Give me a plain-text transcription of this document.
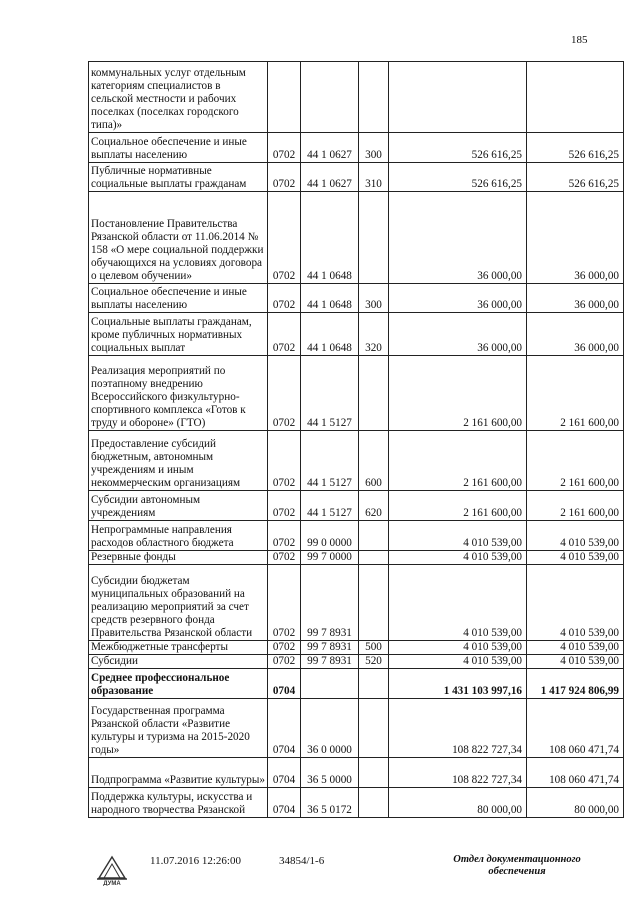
185
коммунальных услуг отдельным категориям специалистов в сельской местности и рабочих поселках (поселках городского типа)»					
Социальное обеспечение и иные выплаты населению	0702	44 1 0627	300	526 616,25	526 616,25
Публичные нормативные социальные выплаты гражданам	0702	44 1 0627	310	526 616,25	526 616,25
Постановление Правительства Рязанской области от 11.06.2014 № 158 «О мере социальной поддержки обучающихся на условиях договора о целевом обучении»	0702	44 1 0648		36 000,00	36 000,00
Социальное обеспечение и иные выплаты населению	0702	44 1 0648	300	36 000,00	36 000,00
Социальные выплаты гражданам, кроме публичных нормативных социальных выплат	0702	44 1 0648	320	36 000,00	36 000,00
Реализация мероприятий по поэтапному внедрению Всероссийского физкультурно-спортивного комплекса «Готов к труду и обороне» (ГТО)	0702	44 1 5127		2 161 600,00	2 161 600,00
Предоставление субсидий бюджетным, автономным учреждениям и иным некоммерческим организациям	0702	44 1 5127	600	2 161 600,00	2 161 600,00
Субсидии автономным учреждениям	0702	44 1 5127	620	2 161 600,00	2 161 600,00
Непрограммные направления расходов областного бюджета	0702	99 0 0000		4 010 539,00	4 010 539,00
Резервные фонды	0702	99 7 0000		4 010 539,00	4 010 539,00
Субсидии бюджетам муниципальных образований на реализацию мероприятий за счет средств резервного фонда Правительства Рязанской области	0702	99 7 8931		4 010 539,00	4 010 539,00
Межбюджетные трансферты	0702	99 7 8931	500	4 010 539,00	4 010 539,00
Субсидии	0702	99 7 8931	520	4 010 539,00	4 010 539,00
Среднее профессиональное образование	0704			1 431 103 997,16	1 417 924 806,99
Государственная программа Рязанской области «Развитие культуры и туризма на 2015-2020 годы»	0704	36 0 0000		108 822 727,34	108 060 471,74
Подпрограмма «Развитие культуры»	0704	36 5 0000		108 822 727,34	108 060 471,74
Поддержка культуры, искусства и народного творчества Рязанской	0704	36 5 0172		80 000,00	80 000,00
ДУМА
11.07.2016 12:26:00	34854/1-6	Отдел документационного
обеспечения
